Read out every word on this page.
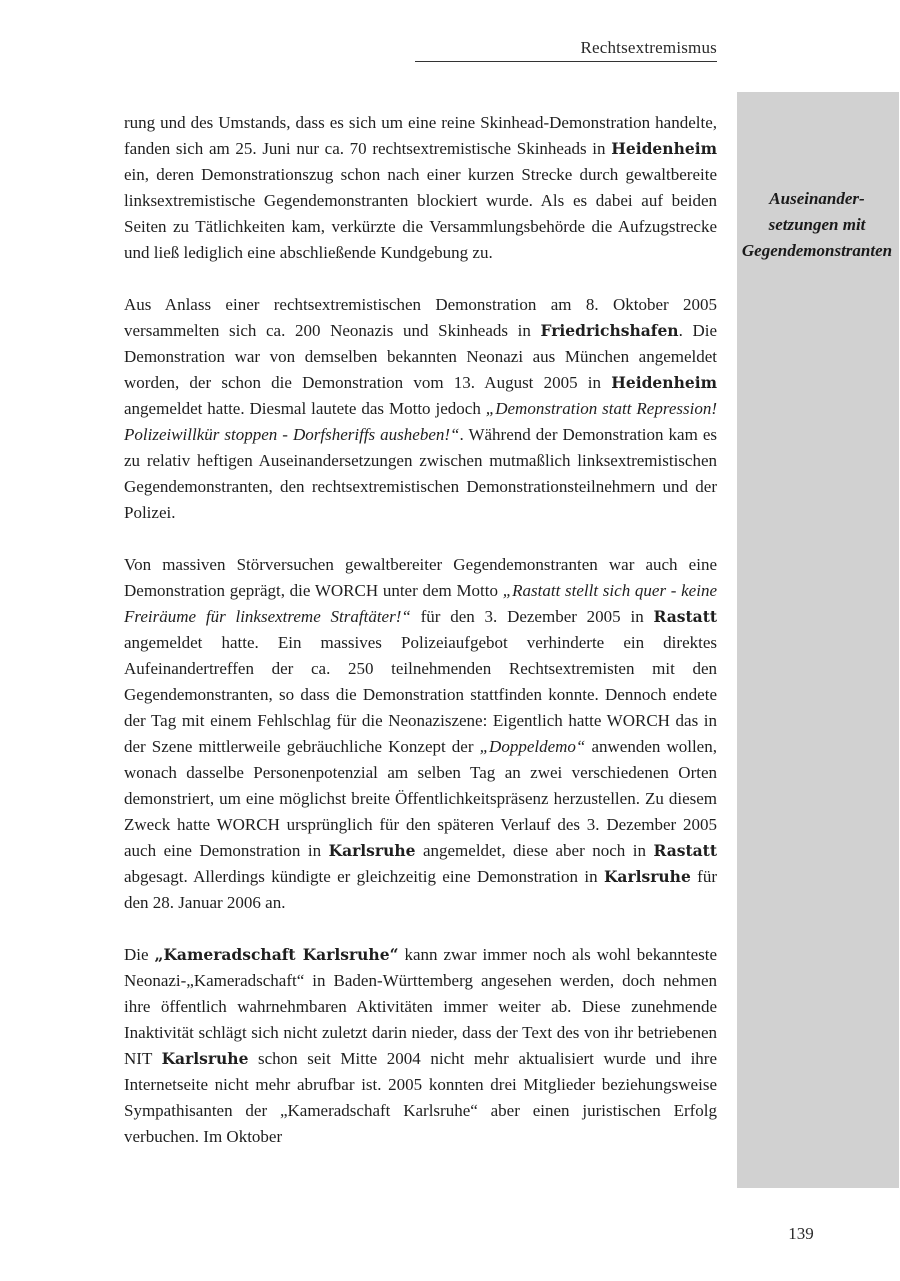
Rechtsextremismus
Auseinandersetzungen mit Gegendemonstranten

rung und des Umstands, dass es sich um eine reine Skinhead-Demonstration handelte, fanden sich am 25. Juni nur ca. 70 rechtsextremistische Skinheads in Heidenheim ein, deren Demonstrationszug schon nach einer kurzen Strecke durch gewaltbereite linksextremistische Gegendemonstranten blockiert wurde. Als es dabei auf beiden Seiten zu Tätlichkeiten kam, verkürzte die Versammlungsbehörde die Aufzugstrecke und ließ lediglich eine abschließende Kundgebung zu.

Aus Anlass einer rechtsextremistischen Demonstration am 8. Oktober 2005 versammelten sich ca. 200 Neonazis und Skinheads in Friedrichshafen. Die Demonstration war von demselben bekannten Neonazi aus München angemeldet worden, der schon die Demonstration vom 13. August 2005 in Heidenheim angemeldet hatte. Diesmal lautete das Motto jedoch „Demonstration statt Repression! Polizeiwillkür stoppen - Dorfsheriffs ausheben!“. Während der Demonstration kam es zu relativ heftigen Auseinandersetzungen zwischen mutmaßlich linksextremistischen Gegendemonstranten, den rechtsextremistischen Demonstrationsteilnehmern und der Polizei.

Von massiven Störversuchen gewaltbereiter Gegendemonstranten war auch eine Demonstration geprägt, die WORCH unter dem Motto „Rastatt stellt sich quer - keine Freiräume für linksextreme Straftäter!“ für den 3. Dezember 2005 in Rastatt angemeldet hatte. Ein massives Polizeiaufgebot verhinderte ein direktes Aufeinandertreffen der ca. 250 teilnehmenden Rechtsextremisten mit den Gegendemonstranten, so dass die Demonstration stattfinden konnte. Dennoch endete der Tag mit einem Fehlschlag für die Neonaziszene: Eigentlich hatte WORCH das in der Szene mittlerweile gebräuchliche Konzept der „Doppeldemo“ anwenden wollen, wonach dasselbe Personenpotenzial am selben Tag an zwei verschiedenen Orten demonstriert, um eine möglichst breite Öffentlichkeitspräsenz herzustellen. Zu diesem Zweck hatte WORCH ursprünglich für den späteren Verlauf des 3. Dezember 2005 auch eine Demonstration in Karlsruhe angemeldet, diese aber noch in Rastatt abgesagt. Allerdings kündigte er gleichzeitig eine Demonstration in Karlsruhe für den 28. Januar 2006 an.

Die „Kameradschaft Karlsruhe“ kann zwar immer noch als wohl bekannteste Neonazi-„Kameradschaft“ in Baden-Württemberg angesehen werden, doch nehmen ihre öffentlich wahrnehmbaren Aktivitäten immer weiter ab. Diese zunehmende Inaktivität schlägt sich nicht zuletzt darin nieder, dass der Text des von ihr betriebenen NIT Karlsruhe schon seit Mitte 2004 nicht mehr aktualisiert wurde und ihre Internetseite nicht mehr abrufbar ist. 2005 konnten drei Mitglieder beziehungsweise Sympathisanten der „Kameradschaft Karlsruhe“ aber einen juristischen Erfolg verbuchen. Im Oktober

139
